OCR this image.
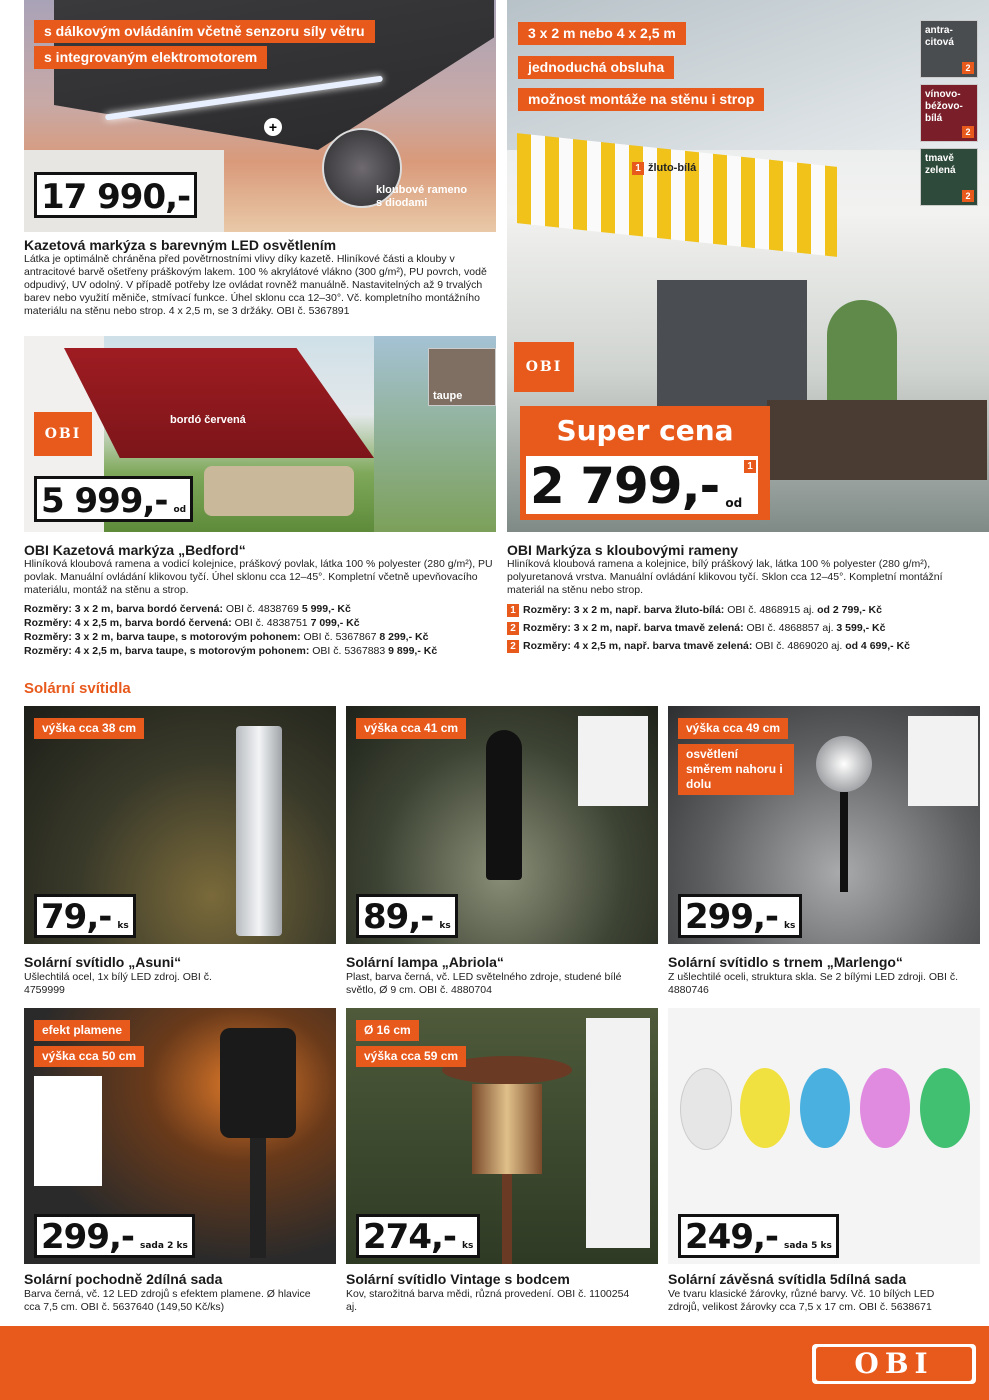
+
s dálkovým ovládáním včetně senzoru síly větru
s integrovaným elektromotorem
17 990,-	kloubové rameno s diodami
Kazetová markýza s barevným LED osvětlením
Látka je optimálně chráněna před povětrnostními vlivy díky kazetě. Hliníkové části a klouby v antracitové barvě ošetřeny práškovým lakem. 100 % akrylátové vlákno (300 g/m²), PU povrch, vodě odpudivý, UV odolný. V případě potřeby lze ovládat rovněž manuálně. Nastavitelných až 9 trvalých barev nebo využití měniče, stmívací funkce. Úhel sklonu cca 12–30°. Vč. kompletního montážního materiálu na stěnu nebo strop. 4 x 2,5 m, se 3 držáky. OBI č. 5367891
taupe
OBI
bordó červená
5 999,- od
OBI Kazetová markýza „Bedford“
Hliníková kloubová ramena a vodicí kolejnice, práškový povlak, látka 100 % polyester (280 g/m²), PU povlak. Manuální ovládání klikovou tyčí. Úhel sklonu cca 12–45°. Kompletní včetně upevňovacího materiálu, montáž na stěnu a strop.
Rozměry: 3 x 2 m, barva bordó červená: OBI č. 4838769 5 999,- Kč
Rozměry: 4 x 2,5 m, barva bordó červená: OBI č. 4838751 7 099,- Kč
Rozměry: 3 x 2 m, barva taupe, s motorovým pohonem: OBI č. 5367867 8 299,- Kč
Rozměry: 4 x 2,5 m, barva taupe, s motorovým pohonem: OBI č. 5367883 9 899,- Kč
3 x 2 m nebo 4 x 2,5 m
jednoduchá obsluha
možnost montáže na stěnu i strop
1 žluto-bílá
antra- citová
2
vínovo- béžovo- bílá
2
tmavě zelená
2
OBI
Super cena
2 799,- od
1
OBI Markýza s kloubovými rameny
Hliníková kloubová ramena a kolejnice, bílý práškový lak, látka 100 % polyester (280 g/m²), polyuretanová vrstva. Manuální ovládání klikovou tyčí. Sklon cca 12–45°. Kompletní montážní materiál na stěnu nebo strop.
1 Rozměry: 3 x 2 m, např. barva žluto-bílá: OBI č. 4868915 aj. od 2 799,- Kč
2 Rozměry: 3 x 2 m, např. barva tmavě zelená: OBI č. 4868857 aj. 3 599,- Kč
2 Rozměry: 4 x 2,5 m, např. barva tmavě zelená: OBI č. 4869020 aj. od 4 699,- Kč
Solární svítidla
výška cca 38 cm	výška cca 41 cm	výška cca 49 cm
osvětlení směrem nahoru i dolu
79,- ks	89,- ks	299,- ks
Solární svítidlo „Asuni“
Ušlechtilá ocel, 1x bílý LED zdroj. OBI č. 4759999
Solární lampa „Abriola“
Plast, barva černá, vč. LED světelného zdroje, studené bílé světlo, Ø 9 cm. OBI č. 4880704
Solární svítidlo s trnem „Marlengo“
Z ušlechtilé oceli, struktura skla. Se 2 bílými LED zdroji. OBI č. 4880746
efekt plamene
výška cca 50 cm
Ø 16 cm
výška cca 59 cm
299,- sada 2 ks	274,- ks	249,- sada 5 ks
Solární pochodně 2dílná sada
Barva černá, vč. 12 LED zdrojů s efektem plamene. Ø hlavice cca 7,5 cm. OBI č. 5637640 (149,50 Kč/ks)
Solární svítidlo Vintage s bodcem
Kov, starožitná barva mědi, různá provedení. OBI č. 1100254 aj.
Solární závěsná svítidla 5dílná sada
Ve tvaru klasické žárovky, různé barvy. Vč. 10 bílých LED zdrojů, velikost žárovky cca 7,5 x 17 cm. OBI č. 5638671
OBI
